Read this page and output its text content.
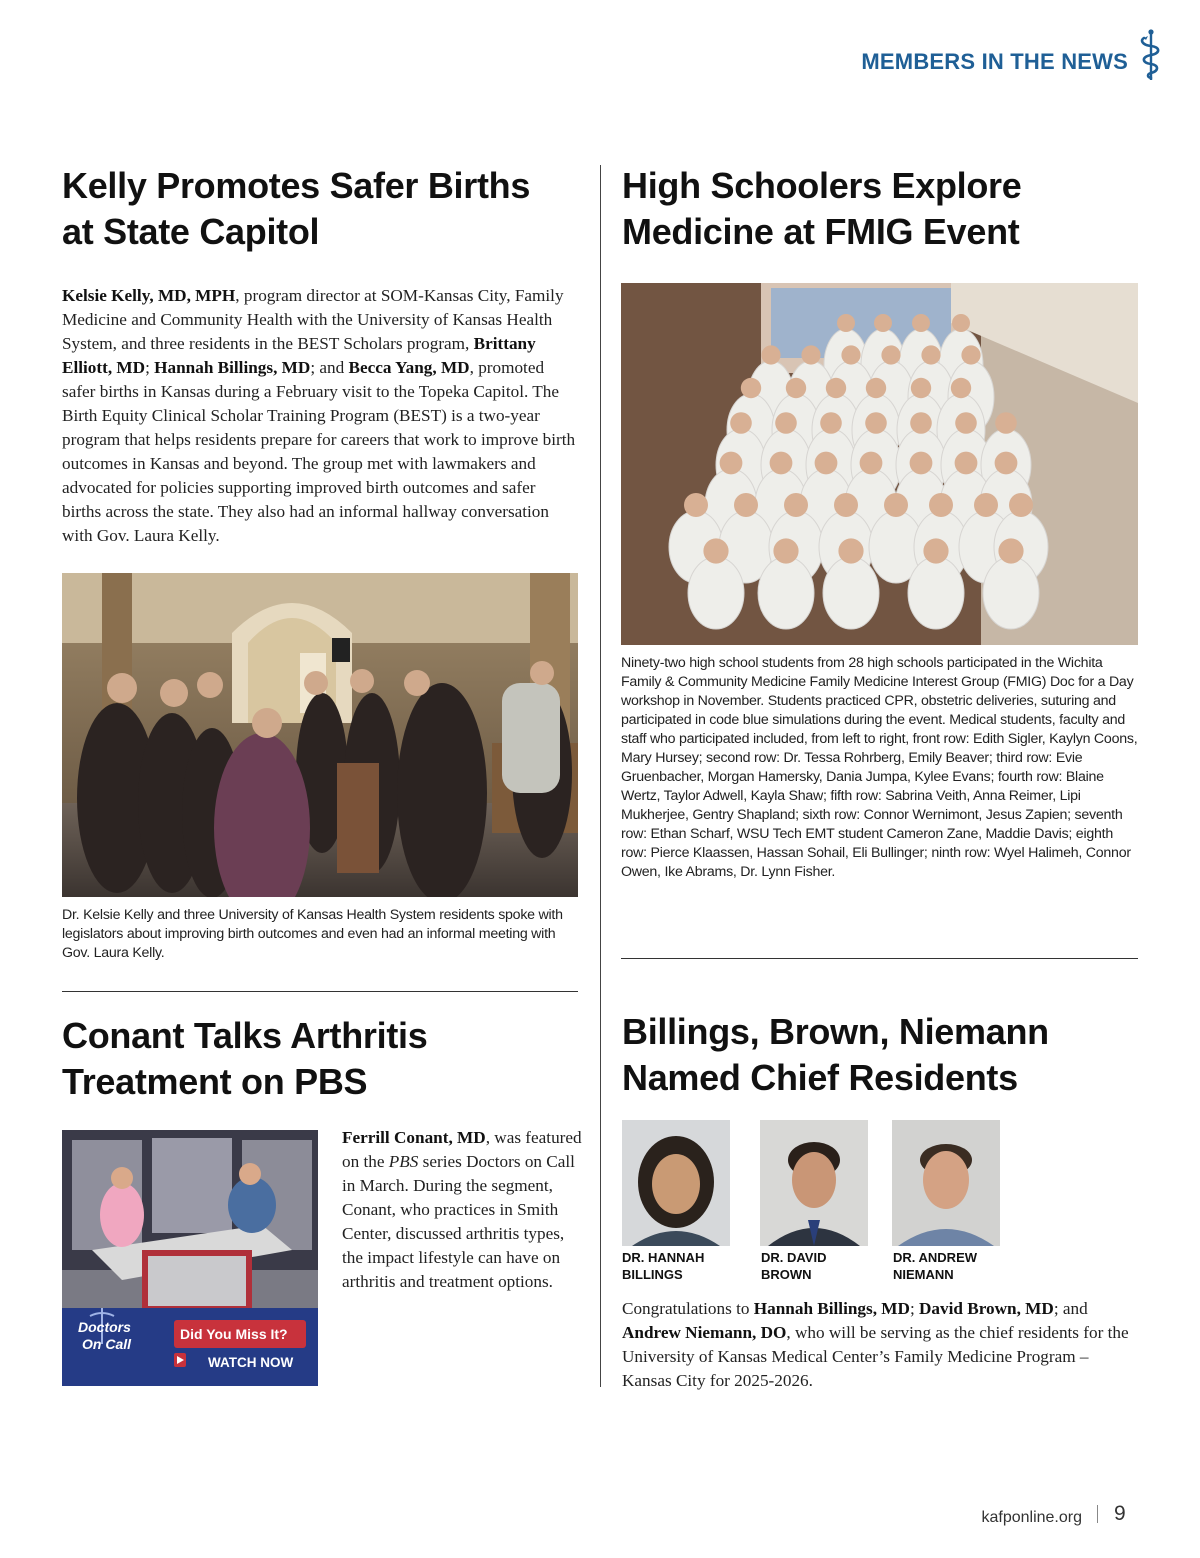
MEMBERS IN THE NEWS
Kelly Promotes Safer Births at State Capitol
Kelsie Kelly, MD, MPH, program director at SOM-Kansas City, Family Medicine and Community Health with the University of Kansas Health System, and three residents in the BEST Scholars program, Brittany Elliott, MD; Hannah Billings, MD; and Becca Yang, MD, promoted safer births in Kansas during a February visit to the Topeka Capitol. The Birth Equity Clinical Scholar Training Program (BEST) is a two-year program that helps residents prepare for careers that work to improve birth outcomes in Kansas and beyond. The group met with lawmakers and advocated for policies supporting improved birth outcomes and safer births across the state. They also had an informal hallway conversation with Gov. Laura Kelly.
Dr. Kelsie Kelly and three University of Kansas Health System residents spoke with legislators about improving birth outcomes and even had an informal meeting with Gov. Laura Kelly.
High Schoolers Explore Medicine at FMIG Event
Ninety-two high school students from 28 high schools participated in the Wichita Family & Community Medicine Family Medicine Interest Group (FMIG) Doc for a Day workshop in November. Students practiced CPR, obstetric deliveries, suturing and participated in code blue simulations during the event. Medical students, faculty and staff who participated included, from left to right, front row: Edith Sigler, Kaylyn Coons, Mary Hursey; second row: Dr. Tessa Rohrberg, Emily Beaver; third row: Evie Gruenbacher, Morgan Hamersky, Dania Jumpa, Kylee Evans; fourth row: Blaine Wertz, Taylor Adwell, Kayla Shaw; fifth row: Sabrina Veith, Anna Reimer, Lipi Mukherjee, Gentry Shapland; sixth row: Connor Wernimont, Jesus Zapien; seventh row: Ethan Scharf, WSU Tech EMT student Cameron Zane, Maddie Davis; eighth row: Pierce Klaassen, Hassan Sohail, Eli Bullinger; ninth row: Wyel Halimeh, Connor Owen, Ike Abrams, Dr. Lynn Fisher.
Conant Talks Arthritis Treatment on PBS
Doctors
On Call
Did You Miss It?
WATCH NOW
Ferrill Conant, MD, was featured on the PBS series Doctors on Call in March. During the segment, Conant, who practices in Smith Center, discussed arthritis types, the impact lifestyle can have on arthritis and treatment options.
Billings, Brown, Niemann Named Chief Residents
DR. HANNAH
BILLINGS
DR. DAVID
BROWN
DR. ANDREW
NIEMANN
Congratulations to Hannah Billings, MD; David Brown, MD; and Andrew Niemann, DO, who will be serving as the chief residents for the University of Kansas Medical Center’s Family Medicine Program – Kansas City for 2025-2026.
kafponline.org 9
